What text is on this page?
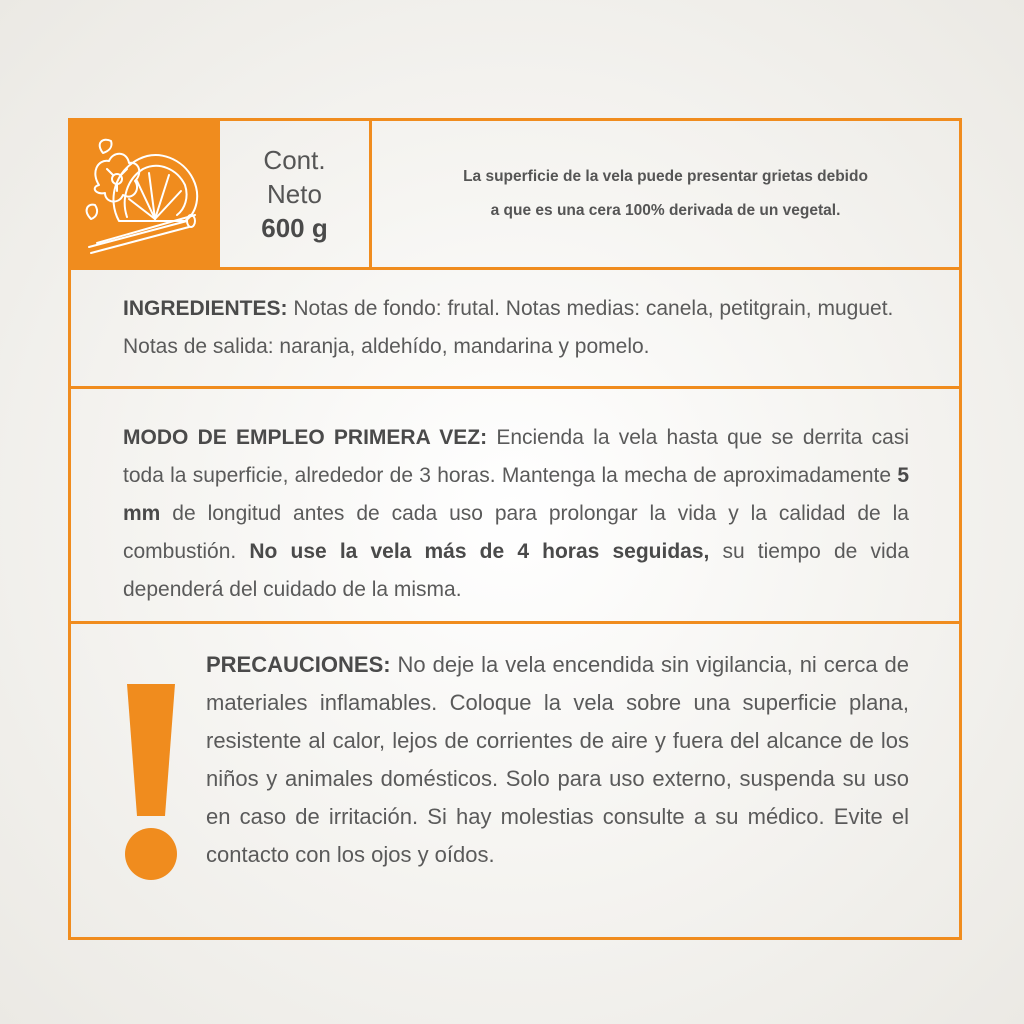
Cont.
Neto
600 g
La superficie de la vela puede presentar grietas debido
a que es una cera 100% derivada de un vegetal.
INGREDIENTES: Notas de fondo: frutal. Notas medias: canela, petitgrain, muguet. Notas de salida: naranja, aldehído, mandarina y pomelo.
MODO DE EMPLEO PRIMERA VEZ: Encienda la vela hasta que se derrita casi toda la superficie, alrededor de 3 horas. Mantenga la mecha de aproximadamente 5 mm de longitud antes de cada uso para prolongar la vida y la calidad de la combustión. No use la vela más de 4 horas seguidas, su tiempo de vida dependerá del cuidado de la misma.
PRECAUCIONES: No deje la vela encendida sin vigilancia, ni cerca de materiales inflamables. Coloque la vela sobre una superficie plana, resistente al calor, lejos de corrientes de aire y fuera del alcance de los niños y animales domésticos. Solo para uso externo, suspenda su uso en caso de irritación. Si hay molestias consulte a su médico. Evite el contacto con los ojos y oídos.
